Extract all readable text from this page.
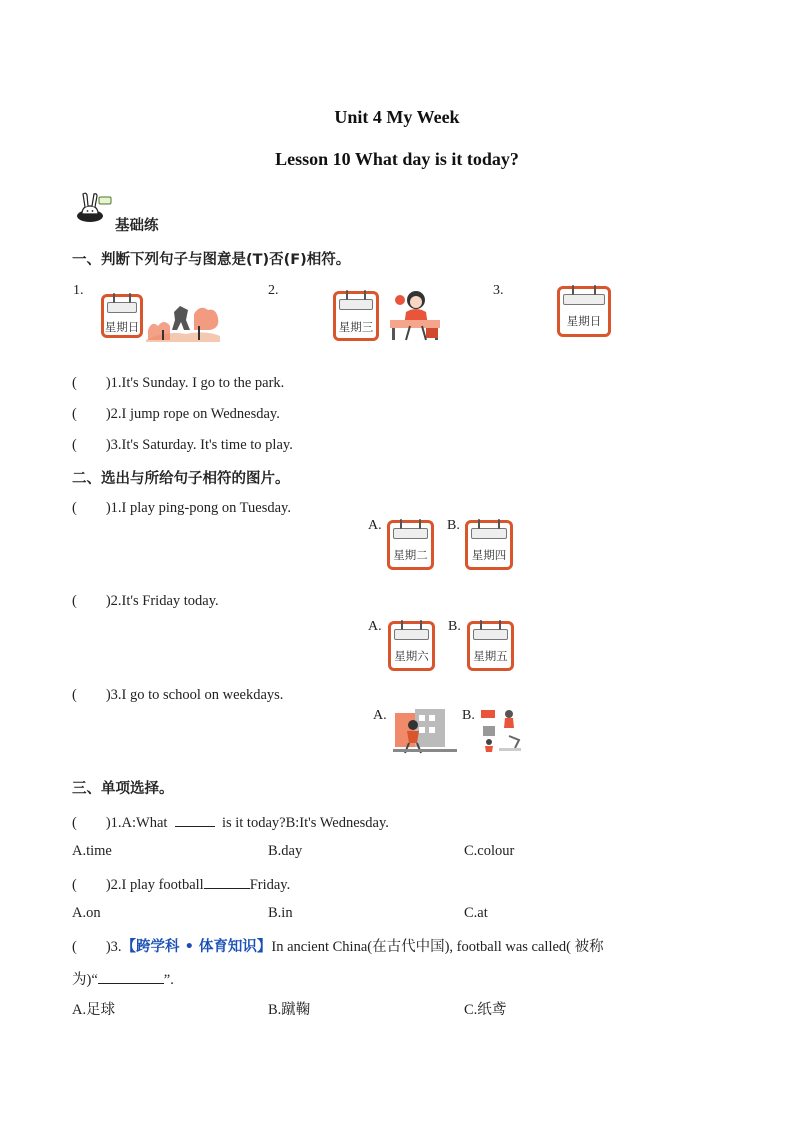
Unit 4 My Week
Lesson 10 What day is it today?
基础练
一、判断下列句子与图意是(T)否(F)相符。
1.
星期日
2.
星期三
3.
星期日
(        )1.It's Sunday. I go to the park.
(        )2.I jump rope on Wednesday.
(        )3.It's Saturday. It's time to play.
二、选出与所给句子相符的图片。
(        )1.I play ping-pong on Tuesday.
A.
星期二
B.
星期四
(        )2.It's Friday today.
A.
星期六
B.
星期五
(        )3.I go to school on weekdays.
A.	B.
三、单项选择。
(        )1.A:What	is it today?B:It's Wednesday.
A.time	B.day	C.colour
(        )2.I play football	Friday.
A.on	B.in	C.at
(        )3.【跨学科 • 体育知识】In ancient China(在古代中国), football was called( 被称
为)“	”.
A.足球	B.蹴鞠	C.纸鸢
